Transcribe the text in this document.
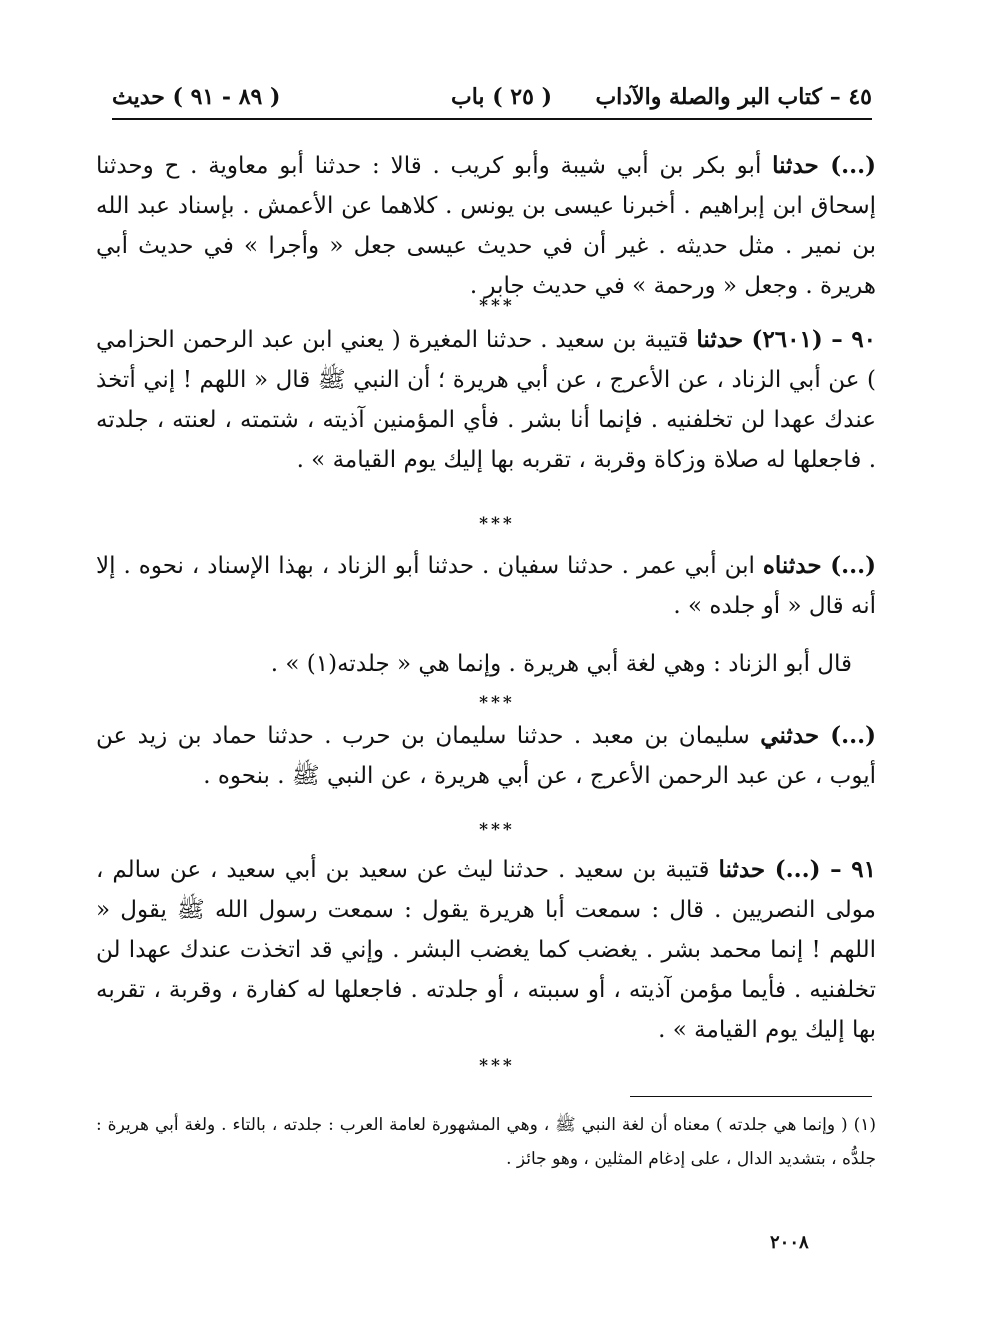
٤٥ – كتاب البر والصلة والآداب
( ٢٥ ) باب
( ٨٩ - ٩١ ) حديث

(...) حدثنا أبو بكر بن أبي شيبة وأبو كريب . قالا : حدثنا أبو معاوية . ح وحدثنا إسحاق ابن إبراهيم . أخبرنا عيسى بن يونس . كلاهما عن الأعمش . بإسناد عبد الله بن نمير . مثل حديثه . غير أن في حديث عيسى جعل « وأجرا » في حديث أبي هريرة . وجعل « ورحمة » في حديث جابر .

***

٩٠ – (٢٦٠١) حدثنا قتيبة بن سعيد . حدثنا المغيرة ( يعني ابن عبد الرحمن الحزامي ) عن أبي الزناد ، عن الأعرج ، عن أبي هريرة ؛ أن النبي ﷺ قال « اللهم ! إني أتخذ عندك عهدا لن تخلفنيه . فإنما أنا بشر . فأي المؤمنين آذيته ، شتمته ، لعنته ، جلدته . فاجعلها له صلاة وزكاة وقربة ، تقربه بها إليك يوم القيامة » .

***

(...) حدثناه ابن أبي عمر . حدثنا سفيان . حدثنا أبو الزناد ، بهذا الإسناد ، نحوه . إلا أنه قال « أو جلده » .

قال أبو الزناد : وهي لغة أبي هريرة . وإنما هي « جلدته(١) » .

***

(...) حدثني سليمان بن معبد . حدثنا سليمان بن حرب . حدثنا حماد بن زيد عن أيوب ، عن عبد الرحمن الأعرج ، عن أبي هريرة ، عن النبي ﷺ . بنحوه .

***

٩١ – (...) حدثنا قتيبة بن سعيد . حدثنا ليث عن سعيد بن أبي سعيد ، عن سالم ، مولى النصريين . قال : سمعت أبا هريرة يقول : سمعت رسول الله ﷺ يقول « اللهم ! إنما محمد بشر . يغضب كما يغضب البشر . وإني قد اتخذت عندك عهدا لن تخلفنيه . فأيما مؤمن آذيته ، أو سببته ، أو جلدته . فاجعلها له كفارة ، وقربة ، تقربه بها إليك يوم القيامة » .

***

(١) ( وإنما هي جلدته ) معناه أن لغة النبي ﷺ ، وهي المشهورة لعامة العرب : جلدته ، بالتاء . ولغة أبي هريرة : جلدُّه ، بتشديد الدال ، على إدغام المثلين ، وهو جائز .

٢٠٠٨
